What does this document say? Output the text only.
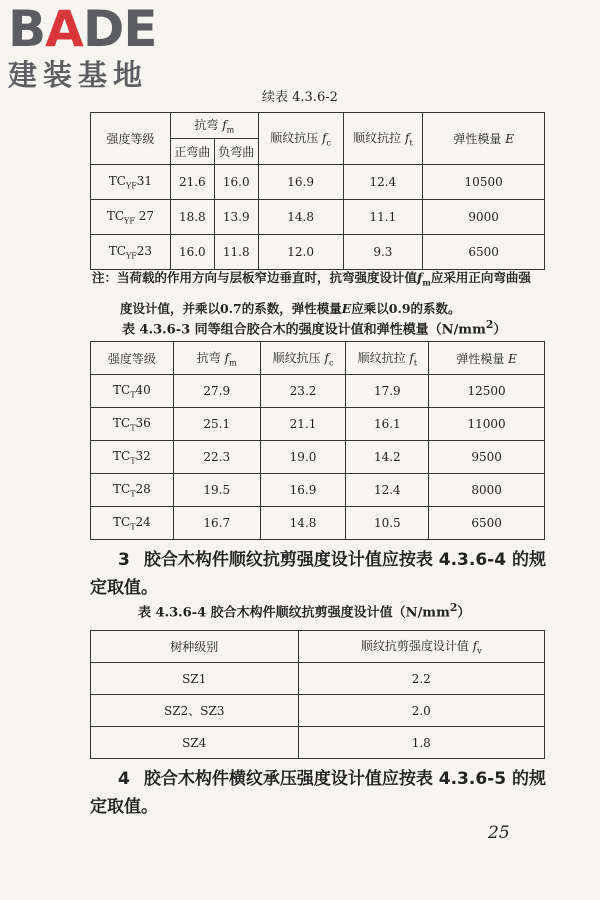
BADE
建装基地
续表 4.3.6-2
强度等级	抗弯 $f_m$		顺纹抗压 $f_c$	顺纹抗拉 $f_t$	弹性模量 E
	正弯曲	负弯曲			
$TC_{YF}31$	21.6	16.0	16.9	12.4	10500
$TC_{YF}$ 27	18.8	13.9	14.8	11.1	9000
$TC_{YF}23$	16.0	11.8	12.0	9.3	6500
注：当荷载的作用方向与层板窄边垂直时，抗弯强度设计值$f_m$应采用正向弯曲强
度设计值，并乘以0.7的系数，弹性模量E应乘以0.9的系数。
表 4.3.6-3 同等组合胶合木的强度设计值和弹性模量$(N/mm^2)$
强度等级	抗弯 $f_m$	顺纹抗压 $f_c$	顺纹抗拉 $f_t$	弹性模量 E
$TC_T40$	27.9	23.2	17.9	12500
$TC_T36$	25.1	21.1	16.1	11000
$TC_T32$	22.3	19.0	14.2	9500
$TC_T28$	19.5	16.9	12.4	8000
$TC_T24$	16.7	14.8	10.5	6500
3 胶合木构件顺纹抗剪强度设计值应按表 4.3.6-4 的规定取值。
表 4.3.6-4 胶合木构件顺纹抗剪强度设计值$(N/mm^2)$
树种级别	顺纹抗剪强度设计值 $f_v$
SZ1	2.2
SZ2、SZ3	2.0
SZ4	1.8
4 胶合木构件横纹承压强度设计值应按表 4.3.6-5 的规定取值。
25
